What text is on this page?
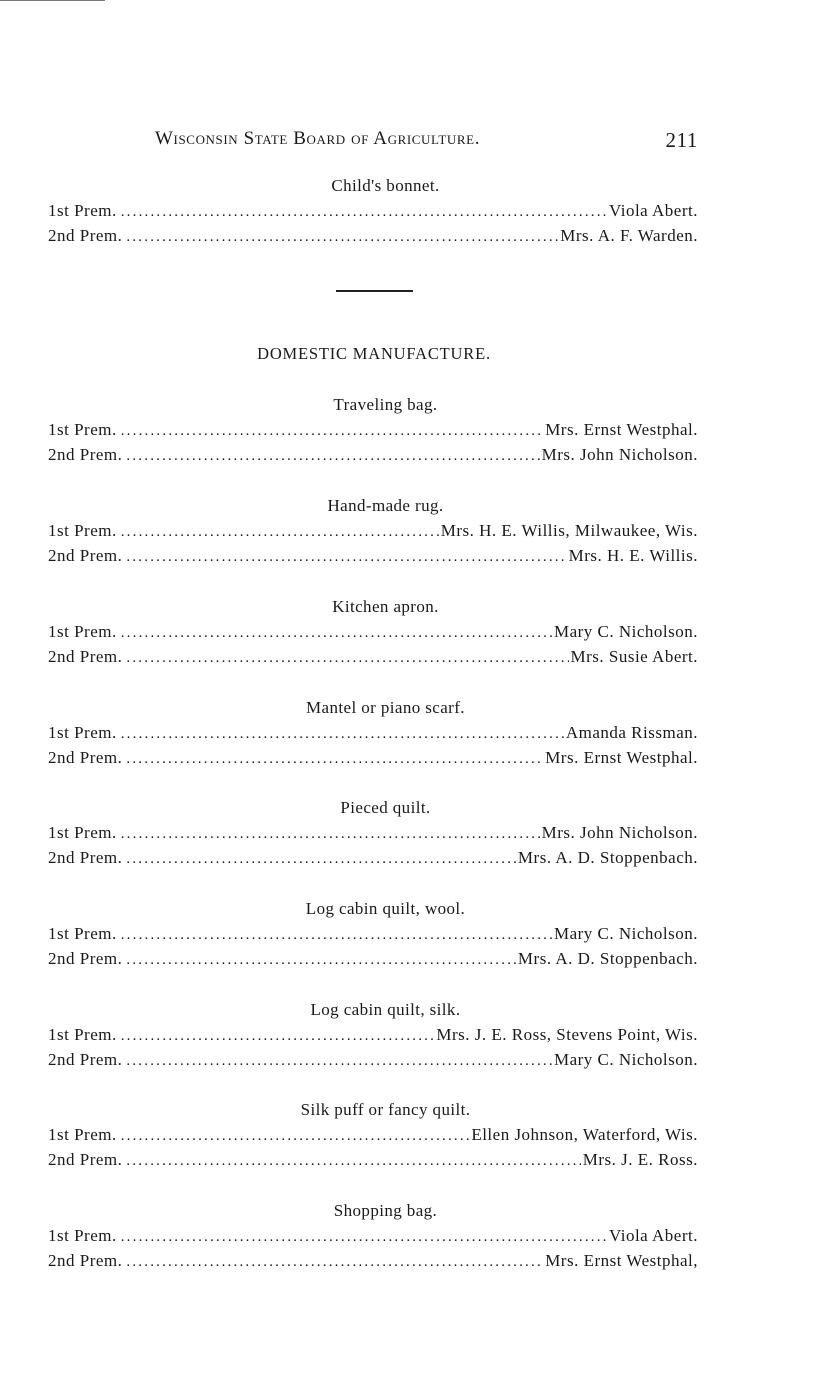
Wisconsin State Board of Agriculture.	211
Child's bonnet.
1st Prem. .....	Viola Abert.
2nd Prem. .....	Mrs. A. F. Warden.
DOMESTIC MANUFACTURE.
Traveling bag.
1st Prem. .....	Mrs. Ernst Westphal.
2nd Prem. .....	Mrs. John Nicholson.
Hand-made rug.
1st Prem. .....	Mrs. H. E. Willis, Milwaukee, Wis.
2nd Prem. .....	Mrs. H. E. Willis.
Kitchen apron.
1st Prem. .....	Mary C. Nicholson.
2nd Prem. .....	Mrs. Susie Abert.
Mantel or piano scarf.
1st Prem. .....	Amanda Rissman.
2nd Prem. .....	Mrs. Ernst Westphal.
Pieced quilt.
1st Prem. .....	Mrs. John Nicholson.
2nd Prem. .....	Mrs. A. D. Stoppenbach.
Log cabin quilt, wool.
1st Prem. .....	Mary C. Nicholson.
2nd Prem. .....	Mrs. A. D. Stoppenbach.
Log cabin quilt, silk.
1st Prem. .....	Mrs. J. E. Ross, Stevens Point, Wis.
2nd Prem. .....	Mary C. Nicholson.
Silk puff or fancy quilt.
1st Prem. .....	Ellen Johnson, Waterford, Wis.
2nd Prem. .....	Mrs. J. E. Ross.
Shopping bag.
1st Prem. .....	Viola Abert.
2nd Prem. .....	Mrs. Ernst Westphal,
